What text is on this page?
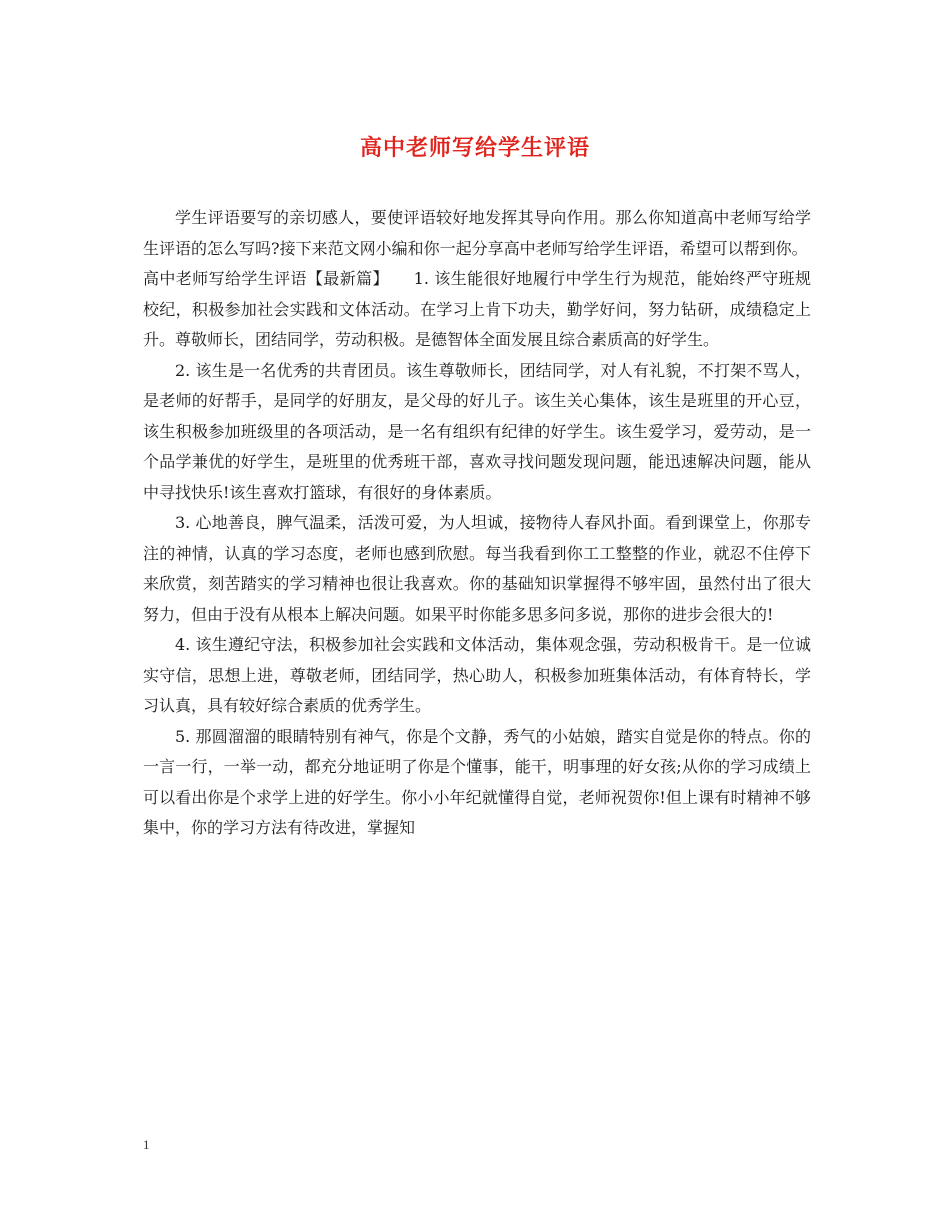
高中老师写给学生评语

学生评语要写的亲切感人，要使评语较好地发挥其导向作用。那么你知道高中老师写给学生评语的怎么写吗?接下来范文网小编和你一起分享高中老师写给学生评语，希望可以帮到你。

高中老师写给学生评语【最新篇】　　1. 该生能很好地履行中学生行为规范，能始终严守班规校纪，积极参加社会实践和文体活动。在学习上肯下功夫，勤学好问，努力钻研，成绩稳定上升。尊敬师长，团结同学，劳动积极。是德智体全面发展且综合素质高的好学生。

2. 该生是一名优秀的共青团员。该生尊敬师长，团结同学，对人有礼貌，不打架不骂人，是老师的好帮手，是同学的好朋友，是父母的好儿子。该生关心集体，该生是班里的开心豆，该生积极参加班级里的各项活动，是一名有组织有纪律的好学生。该生爱学习，爱劳动，是一个品学兼优的好学生，是班里的优秀班干部，喜欢寻找问题发现问题，能迅速解决问题，能从中寻找快乐!该生喜欢打篮球，有很好的身体素质。

3. 心地善良，脾气温柔，活泼可爱，为人坦诚，接物待人春风扑面。看到课堂上，你那专注的神情，认真的学习态度，老师也感到欣慰。每当我看到你工工整整的作业，就忍不住停下来欣赏，刻苦踏实的学习精神也很让我喜欢。你的基础知识掌握得不够牢固，虽然付出了很大努力，但由于没有从根本上解决问题。如果平时你能多思多问多说，那你的进步会很大的!

4. 该生遵纪守法，积极参加社会实践和文体活动，集体观念强，劳动积极肯干。是一位诚实守信，思想上进，尊敬老师，团结同学，热心助人，积极参加班集体活动，有体育特长，学习认真，具有较好综合素质的优秀学生。

5. 那圆溜溜的眼睛特别有神气，你是个文静，秀气的小姑娘，踏实自觉是你的特点。你的一言一行，一举一动，都充分地证明了你是个懂事，能干，明事理的好女孩;从你的学习成绩上可以看出你是个求学上进的好学生。你小小年纪就懂得自觉，老师祝贺你!但上课有时精神不够集中，你的学习方法有待改进，掌握知

1
